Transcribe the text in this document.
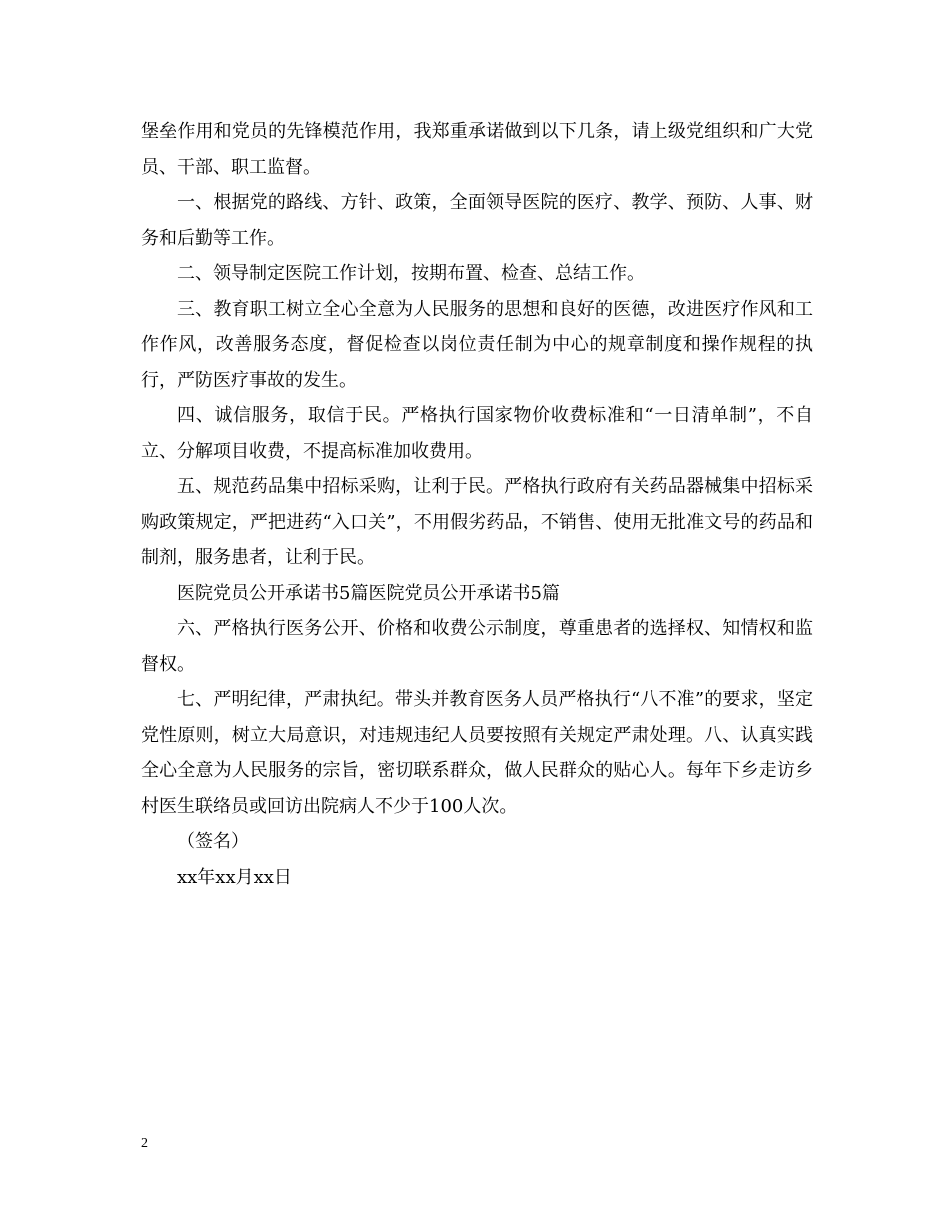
堡垒作用和党员的先锋模范作用，我郑重承诺做到以下几条，请上级党组织和广大党员、干部、职工监督。

一、根据党的路线、方针、政策，全面领导医院的医疗、教学、预防、人事、财务和后勤等工作。

二、领导制定医院工作计划，按期布置、检查、总结工作。

三、教育职工树立全心全意为人民服务的思想和良好的医德，改进医疗作风和工作作风，改善服务态度，督促检查以岗位责任制为中心的规章制度和操作规程的执行，严防医疗事故的发生。

四、诚信服务，取信于民。严格执行国家物价收费标准和“一日清单制”，不自立、分解项目收费，不提高标准加收费用。

五、规范药品集中招标采购，让利于民。严格执行政府有关药品器械集中招标采购政策规定，严把进药“入口关”，不用假劣药品，不销售、使用无批准文号的药品和制剂，服务患者，让利于民。

医院党员公开承诺书5篇医院党员公开承诺书5篇

六、严格执行医务公开、价格和收费公示制度，尊重患者的选择权、知情权和监督权。

七、严明纪律，严肃执纪。带头并教育医务人员严格执行“八不准”的要求，坚定党性原则，树立大局意识，对违规违纪人员要按照有关规定严肃处理。八、认真实践全心全意为人民服务的宗旨，密切联系群众，做人民群众的贴心人。每年下乡走访乡村医生联络员或回访出院病人不少于100人次。

（签名）

xx年xx月xx日

2
